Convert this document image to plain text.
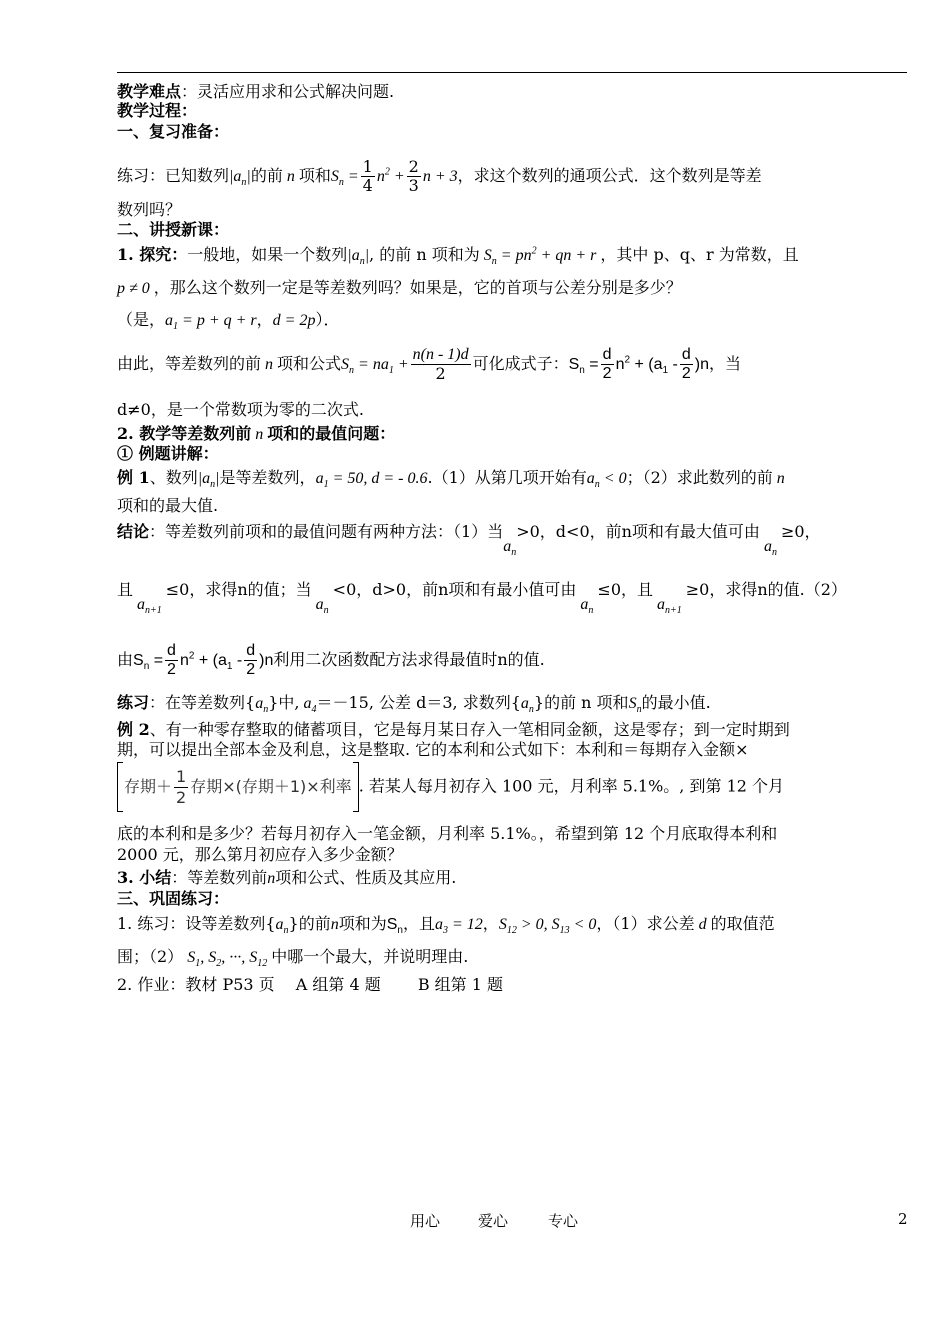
教学难点：灵活应用求和公式解决问题.
教学过程：
一、复习准备：
练习：已知数列$|a_n|$的前 n 项和$S_n = \frac{1}{4} n^2 + \frac{2}{3}$ n + 3，求这个数列的通项公式．这个数列是等差
数列吗？
二、讲授新课：
1. 探究：一般地，如果一个数列$|a_n|$, 的前 n 项和为 $S_n = pn^2$ + qn + r ，其中 p、q、r 为常数，且
p ≠ 0 ，那么这个数列一定是等差数列吗？如果是，它的首项与公差分别是多少？
（是，$a_1 = p + q + r$，d = 2p）．
由此，等差数列的前 n 项和公式$S_n = na_1 + \frac{n(n - 1)d}{2}$ 可化成式子：$S_n = \frac{d}{2} n^2 + (a_1 - \frac{d}{2} )n$，当
d≠0，是一个常数项为零的二次式.
2. 教学等差数列前 n 项和的最值问题：
① 例题讲解：
例 1、数列$|a_n|$是等差数列，$a_1 = 50$, d = - 0.6.（1）从第几项开始有$a_n < 0$；（2）求此数列的前 n
项和的最大值.
结论：等差数列前项和的最值问题有两种方法：（1）当$a_n>0$，d<0，前n项和有最大值可由 $a_n \ge 0$，
且 $a_{n+1} \le 0$，求得n的值；当 $a_n <0$，d>0，前n项和有最小值可由 $a_n \le 0$，且 $a_{n+1} \ge 0$，求得n的值.（2）
由$S_n = \frac{d}{2} n^2 + (a_1 - \frac{d}{2} )n$利用二次函数配方法求得最值时n的值.
练习：在等差数列$\{a_n\}$中, $a_4=-15$, 公差 d＝3, 求数列$\{a_n\}$的前 n 项和$S_n$的最小值.
例 2、有一种零存整取的储蓄项目，它是每月某日存入一笔相同金额，这是零存；到一定时期到
期，可以提出全部本金及利息，这是整取. 它的本利和公式如下：本利和＝每期存入金额×
存期＋ $\frac{1}{2}$ 存期×(存期＋1)×利率 . 若某人每月初存入 100 元，月利率 5.1%。, 到第 12 个月
底的本利和是多少？若每月初存入一笔金额，月利率 5.1%。，希望到第 12 个月底取得本利和
2000 元，那么第月初应存入多少金额？
3. 小结：等差数列前n项和公式、性质及其应用.
三、巩固练习：
1. 练习：设等差数列$\{a_n\}$的前n项和为$S_n$，且$a_3 = 12$，$S_{12} > 0$, $S_{13} < 0$，（1）求公差 d 的取值范
围；（2） $S_1$, $S_2$, ···, $S_{12}$ 中哪一个最大，并说明理由.
2. 作业：教材 P53 页　 A 组第 4 题　　 B 组第 1 题
用心	爱心	专心	2
